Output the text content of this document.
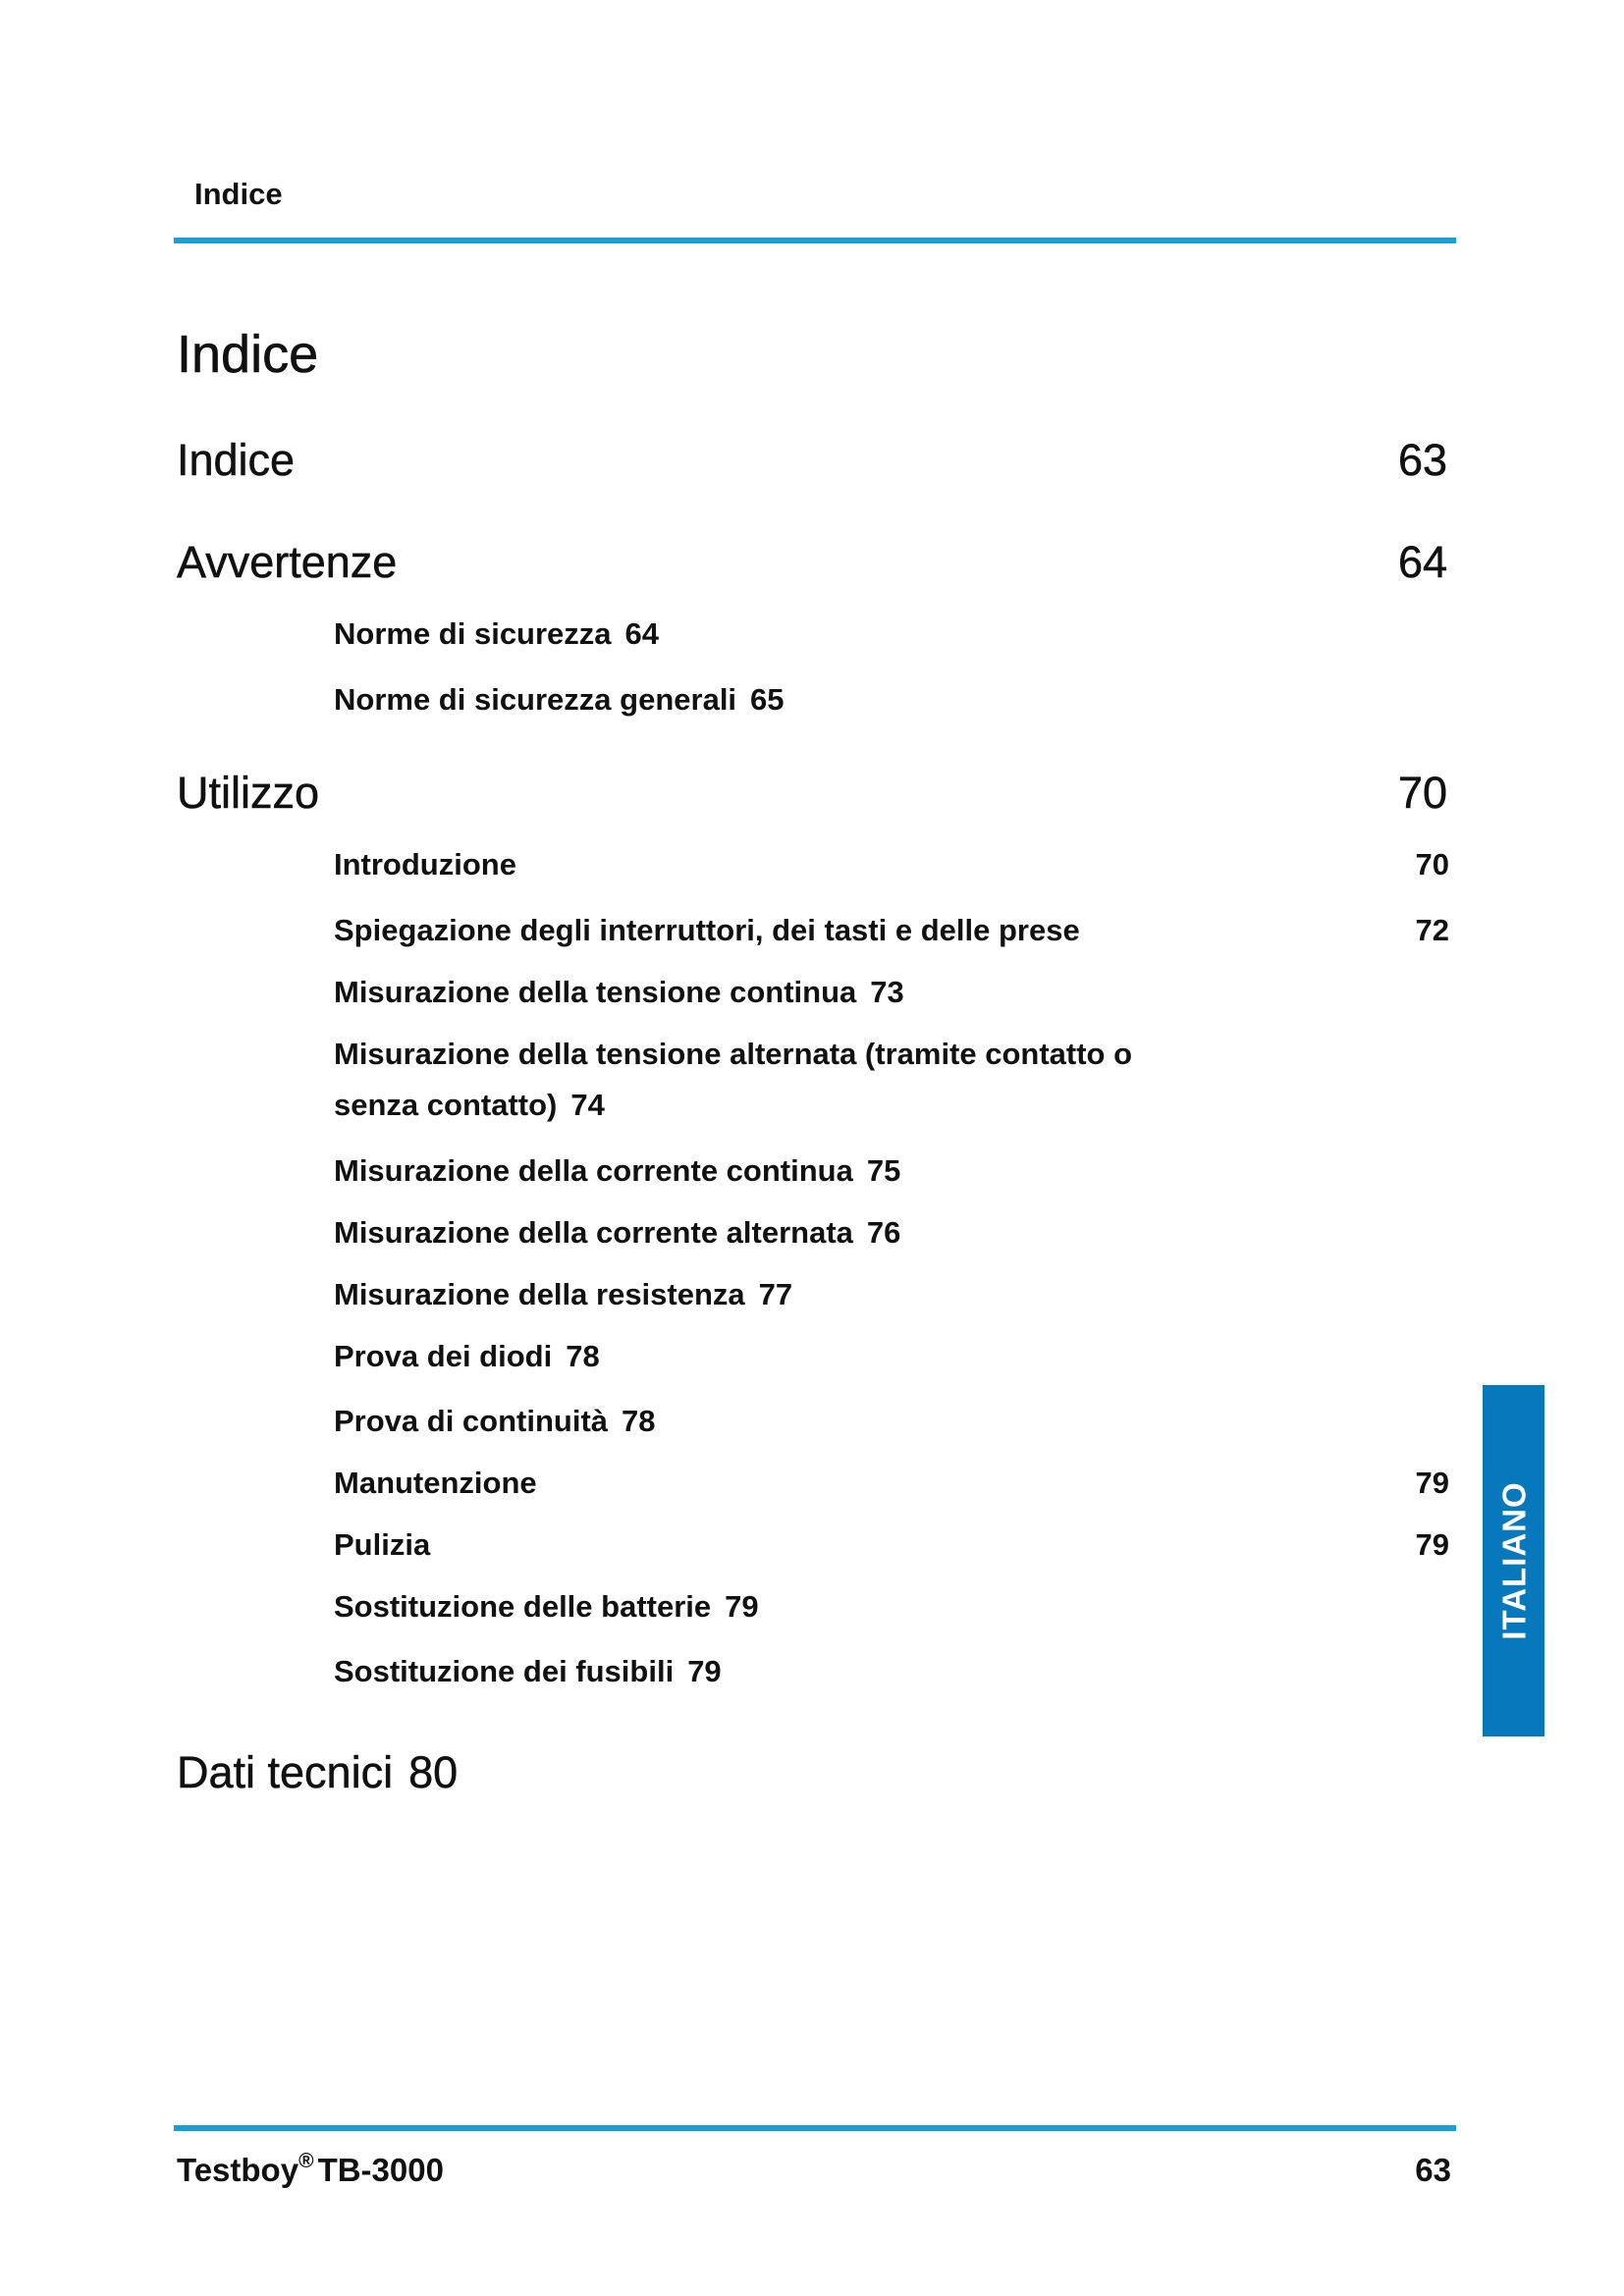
Indice
Indice
Indice	63
Avvertenze	64
Norme di sicurezza 64
Norme di sicurezza generali 65
Utilizzo	70
Introduzione	70
Spiegazione degli interruttori, dei tasti e delle prese	72
Misurazione della tensione continua 73
Misurazione della tensione alternata (tramite contatto o
senza contatto) 74
Misurazione della corrente continua 75
Misurazione della corrente alternata 76
Misurazione della resistenza 77
Prova dei diodi 78
Prova di continuità 78
Manutenzione	79
Pulizia	79
Sostituzione delle batterie 79
Sostituzione dei fusibili 79
Dati tecnici 80
ITALIANO
Testboy® TB-3000	63
